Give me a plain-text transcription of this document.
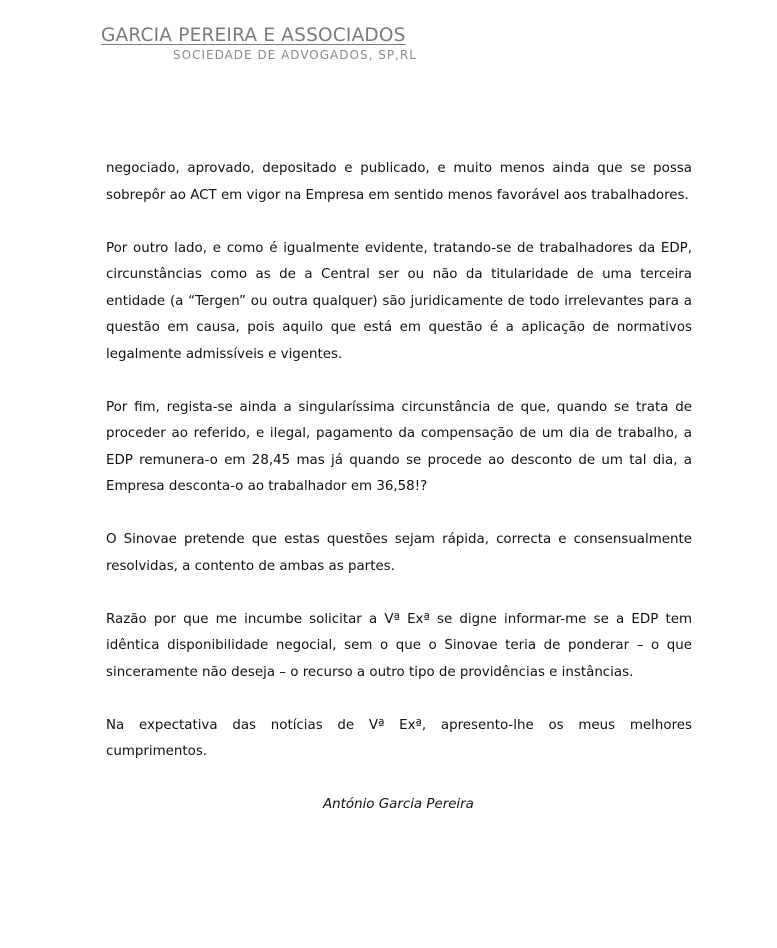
GARCIA PEREIRA E ASSOCIADOS
SOCIEDADE DE ADVOGADOS, SP,RL

negociado, aprovado, depositado e publicado, e muito menos ainda que se possa sobrepôr ao ACT em vigor na Empresa em sentido menos favorável aos trabalhadores.

Por outro lado, e como é igualmente evidente, tratando-se de trabalhadores da EDP, circunstâncias como as de a Central ser ou não da titularidade de uma terceira entidade (a “Tergen” ou outra qualquer) são juridicamente de todo irrelevantes para a questão em causa, pois aquilo que está em questão é a aplicação de normativos legalmente admissíveis e vigentes.

Por fim, regista-se ainda a singularíssima circunstância de que, quando se trata de proceder ao referido, e ilegal, pagamento da compensação de um dia de trabalho, a EDP remunera-o em 28,45 mas já quando se procede ao desconto de um tal dia, a Empresa desconta-o ao trabalhador em 36,58!?

O Sinovae pretende que estas questões sejam rápida, correcta e consensualmente resolvidas, a contento de ambas as partes.

Razão por que me incumbe solicitar a Vª Exª se digne informar-me se a EDP tem idêntica disponibilidade negocial, sem o que o Sinovae teria de ponderar – o que sinceramente não deseja – o recurso a outro tipo de providências e instâncias.

Na expectativa das notícias de Vª Exª, apresento-lhe os meus melhores cumprimentos.

António Garcia Pereira
